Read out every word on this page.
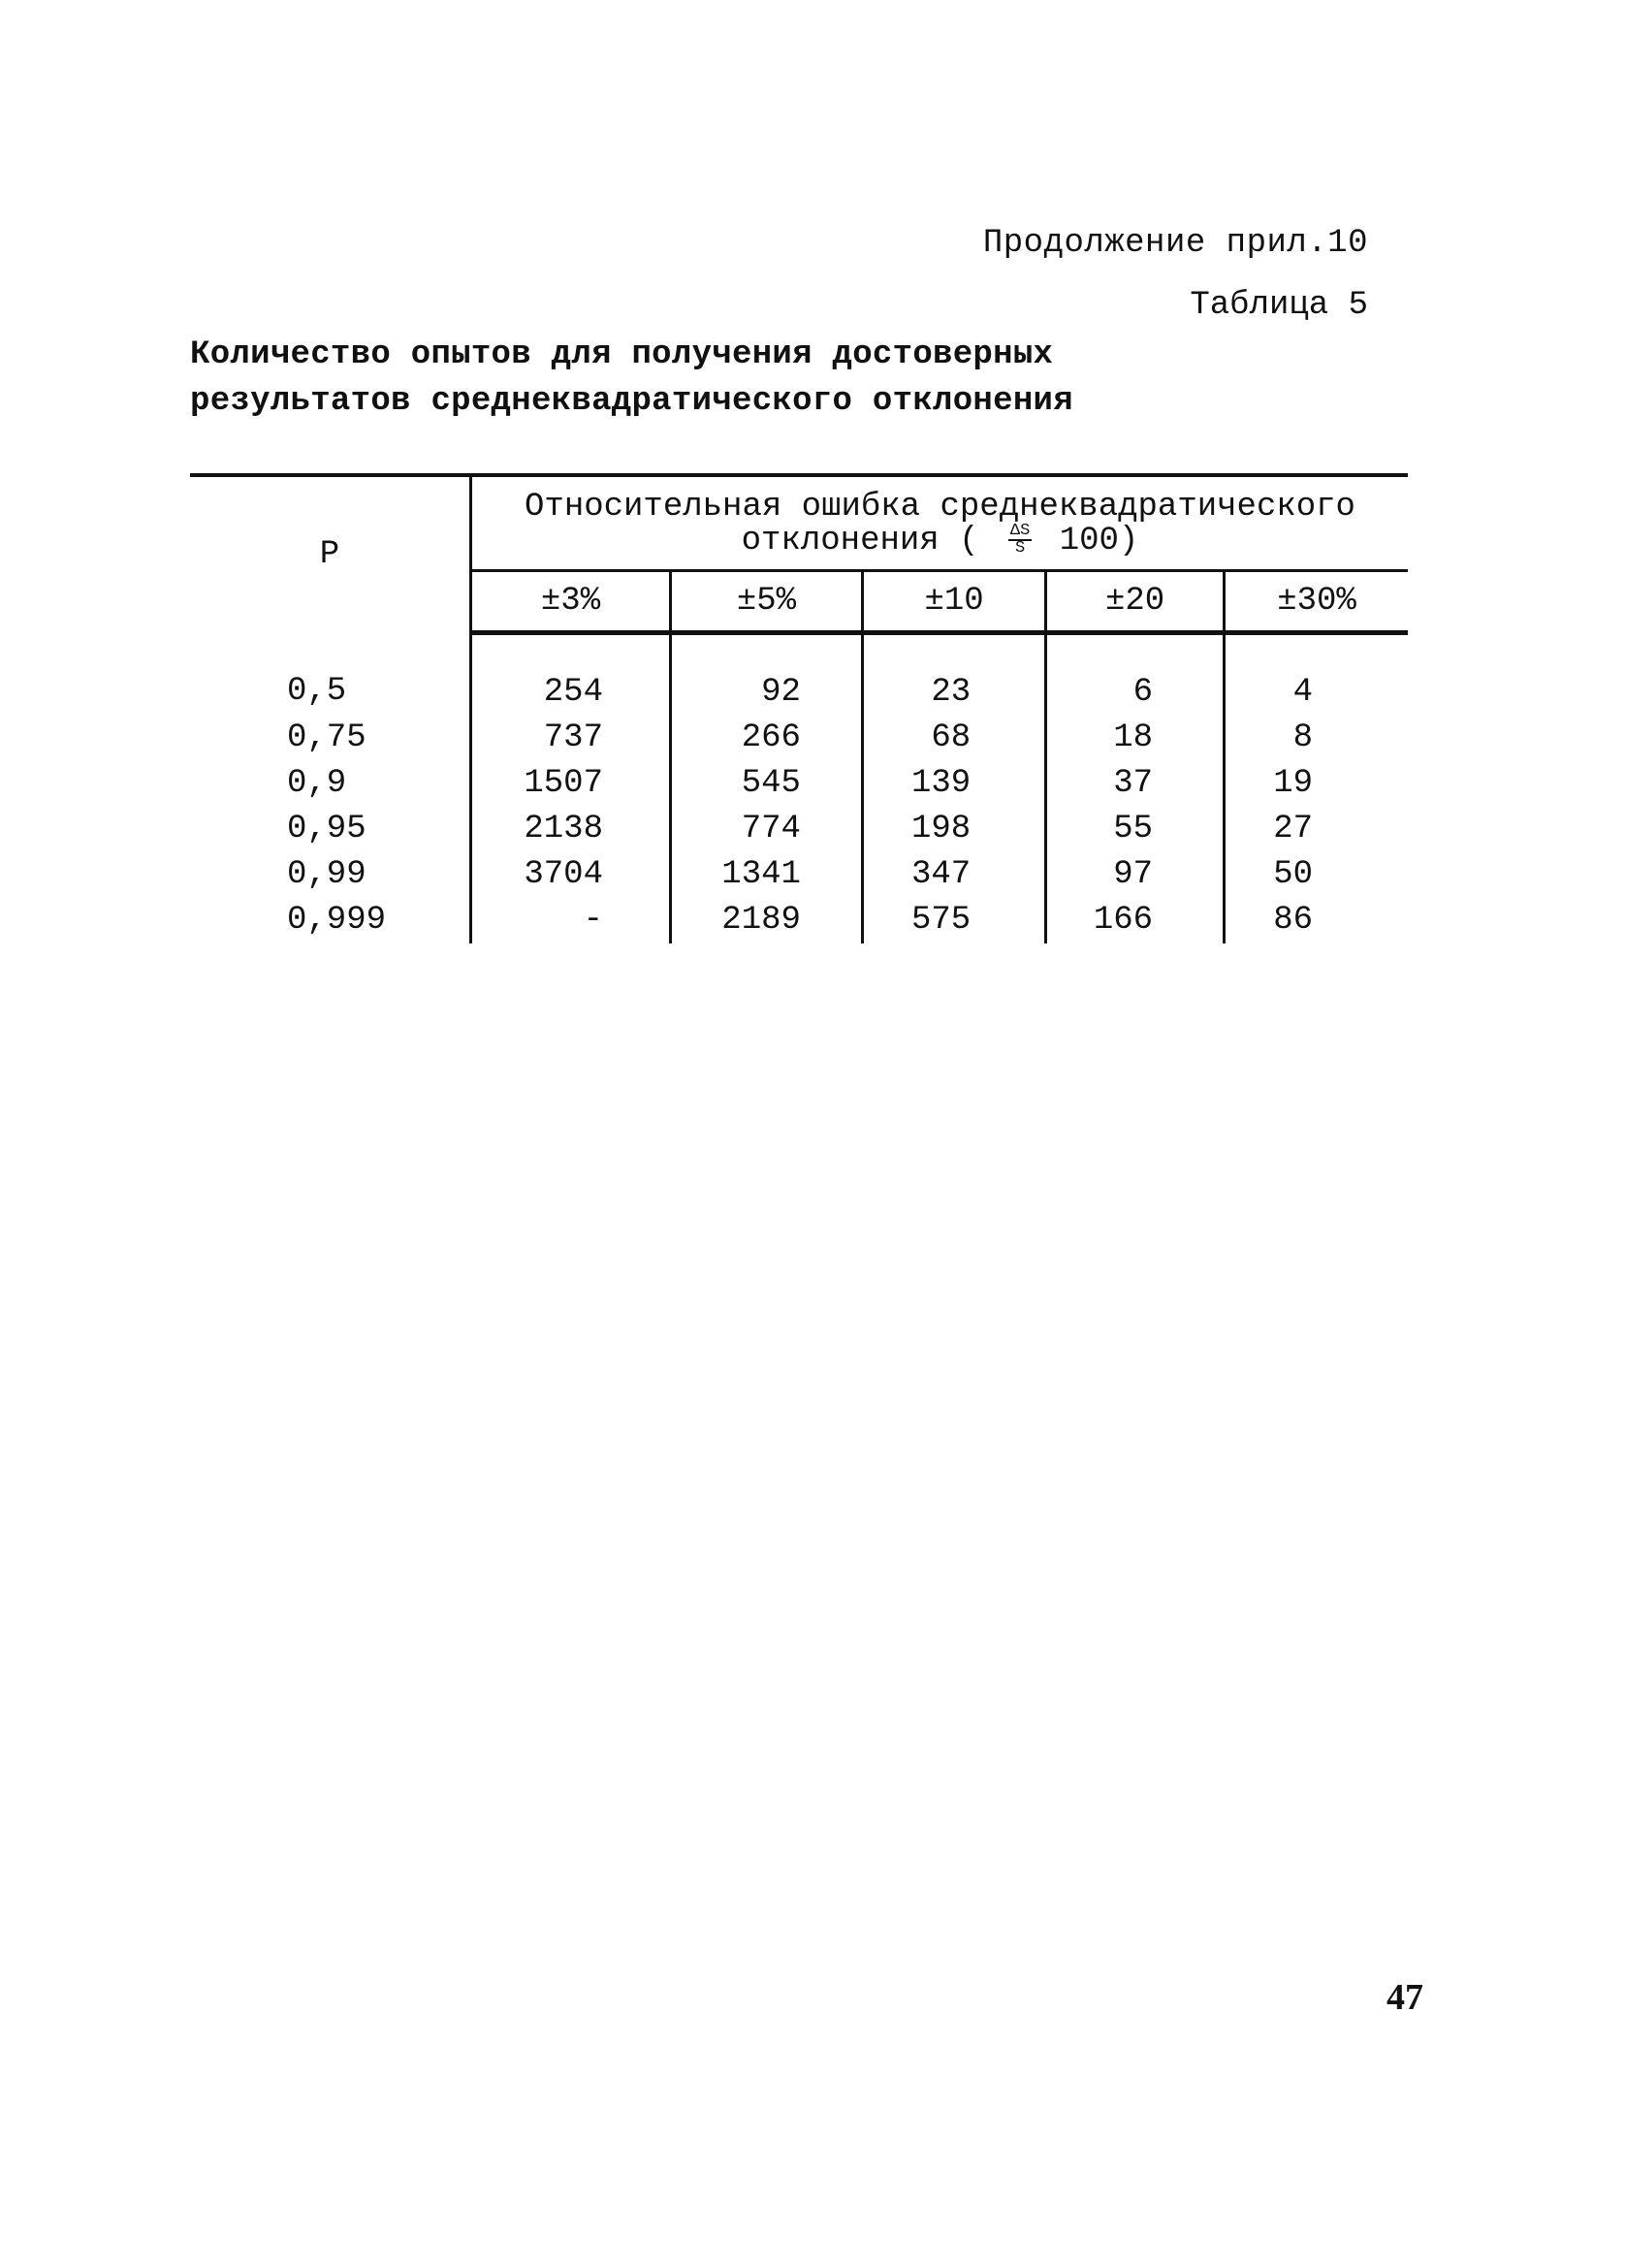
Продолжение прил.10
Таблица 5
Количество опытов для получения достоверных
результатов среднеквадратического отклонения
Р	Относительная ошибка среднеквадратического
отклонения ( $\frac{\Delta S}{S} 100$)				

	±3%	±5%	±10	±20	±30%
0,5	254	92	23	6	4
0,75	737	266	68	18	8
0,9	1507	545	139	37	19
0,95	2138	774	198	55	27
0,99	3704	1341	347	97	50
0,999	-	2189	575	166	86
47
